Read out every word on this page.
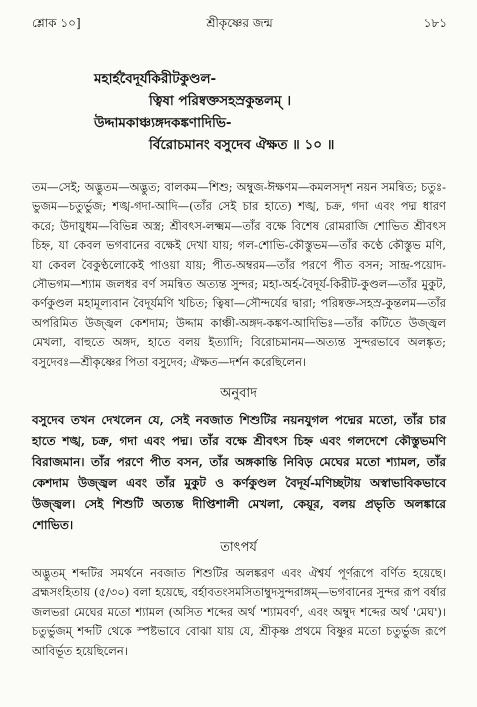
শ্লোক ১০]	শ্রীকৃষ্ণের জন্ম	১৮১
মহার্হবৈদূর্যকিরীটকুণ্ডল-
ত্বিষা পরিষ্বক্তসহস্রকুন্তলম্ ।
উদ্দামকাঞ্চ্যঙ্গদকঙ্কণাদিভি-
র্বিরোচমানং বসুদেব ঐক্ষত ॥ ১০ ॥
তম—সেই; অদ্ভুতম—অদ্ভুত; বালকম—শিশু; অম্বুজ-ঈক্ষণম—কমলসদৃশ নয়ন সমন্বিত; চতুঃ-ভুজম—চতুর্ভুজ; শঙ্খ-গদা-আদি—(তাঁর সেই চার হাতে) শঙ্খ, চক্র, গদা এবং পদ্ম ধারণ করে; উদায়ুধম—বিভিন্ন অস্ত্র; শ্রীবৎস-লক্ষ্মম—তাঁর বক্ষে বিশেষ রোমরাজি শোভিত শ্রীবৎস চিহ্ন, যা কেবল ভগবানের বক্ষেই দেখা যায়; গল-শোভি-কৌস্তুভম—তাঁর কণ্ঠে কৌস্তুভ মণি, যা কেবল বৈকুণ্ঠলোকেই পাওয়া যায়; পীত-অম্বরম—তাঁর পরণে পীত বসন; সান্দ্র-পয়োদ-সৌভগম—শ্যাম জলধর বর্ণ সমন্বিত অত্যন্ত সুন্দর; মহা-অর্হ-বৈদূর্য-কিরীট-কুণ্ডল—তাঁর মুকুট, কর্ণকুণ্ডল মহামূল্যবান বৈদূর্যমণি খচিত; ত্বিষা—সৌন্দর্যের দ্বারা; পরিষ্বক্ত-সহস্র-কুন্তলম—তাঁর অপরিমিত উজ্জ্বল কেশদাম; উদ্দাম কাঞ্চী-অঙ্গদ-কঙ্কণ-আদিভিঃ—তাঁর কটিতে উজ্জ্বল মেখলা, বাহুতে অঙ্গদ, হাতে বলয় ইত্যাদি; বিরোচমানম—অত্যন্ত সুন্দরভাবে অলঙ্কৃত; বসুদেবঃ—শ্রীকৃষ্ণের পিতা বসুদেব; ঐক্ষত—দর্শন করেছিলেন।
অনুবাদ
বসুদেব তখন দেখলেন যে, সেই নবজাত শিশুটির নয়নযুগল পদ্মের মতো, তাঁর চার হাতে শঙ্খ, চক্র, গদা এবং পদ্ম। তাঁর বক্ষে শ্রীবৎস চিহ্ন এবং গলদেশে কৌস্তুভমণি বিরাজমান। তাঁর পরণে পীত বসন, তাঁর অঙ্গকান্তি নিবিড় মেঘের মতো শ্যামল, তাঁর কেশদাম উজ্জ্বল এবং তাঁর মুকুট ও কর্ণকুণ্ডল বৈদূর্য-মণিচ্ছটায় অস্বাভাবিকভাবে উজ্জ্বল। সেই শিশুটি অত্যন্ত দীপ্তিশালী মেখলা, কেয়ূর, বলয় প্রভৃতি অলঙ্কারে শোভিত।
তাৎপর্য
অদ্ভুতম্ শব্দটির সমর্থনে নবজাত শিশুটির অলঙ্করণ এবং ঐশ্বর্য পূর্ণরূপে বর্ণিত হয়েছে। ব্রহ্মসংহিতায় (৫/৩০) বলা হয়েছে, বর্হাবতংসমসিতাম্বুদসুন্দরাঙ্গম্—ভগবানের সুন্দর রূপ বর্ষার জলভরা মেঘের মতো শ্যামল (অসিত শব্দের অর্থ 'শ্যামবর্ণ', এবং অম্বুদ শব্দের অর্থ 'মেঘ')। চতুর্ভুজম্ শব্দটি থেকে স্পষ্টভাবে বোঝা যায় যে, শ্রীকৃষ্ণ প্রথমে বিষ্ণুর মতো চতুর্ভুজ রূপে আবির্ভূত হয়েছিলেন।
